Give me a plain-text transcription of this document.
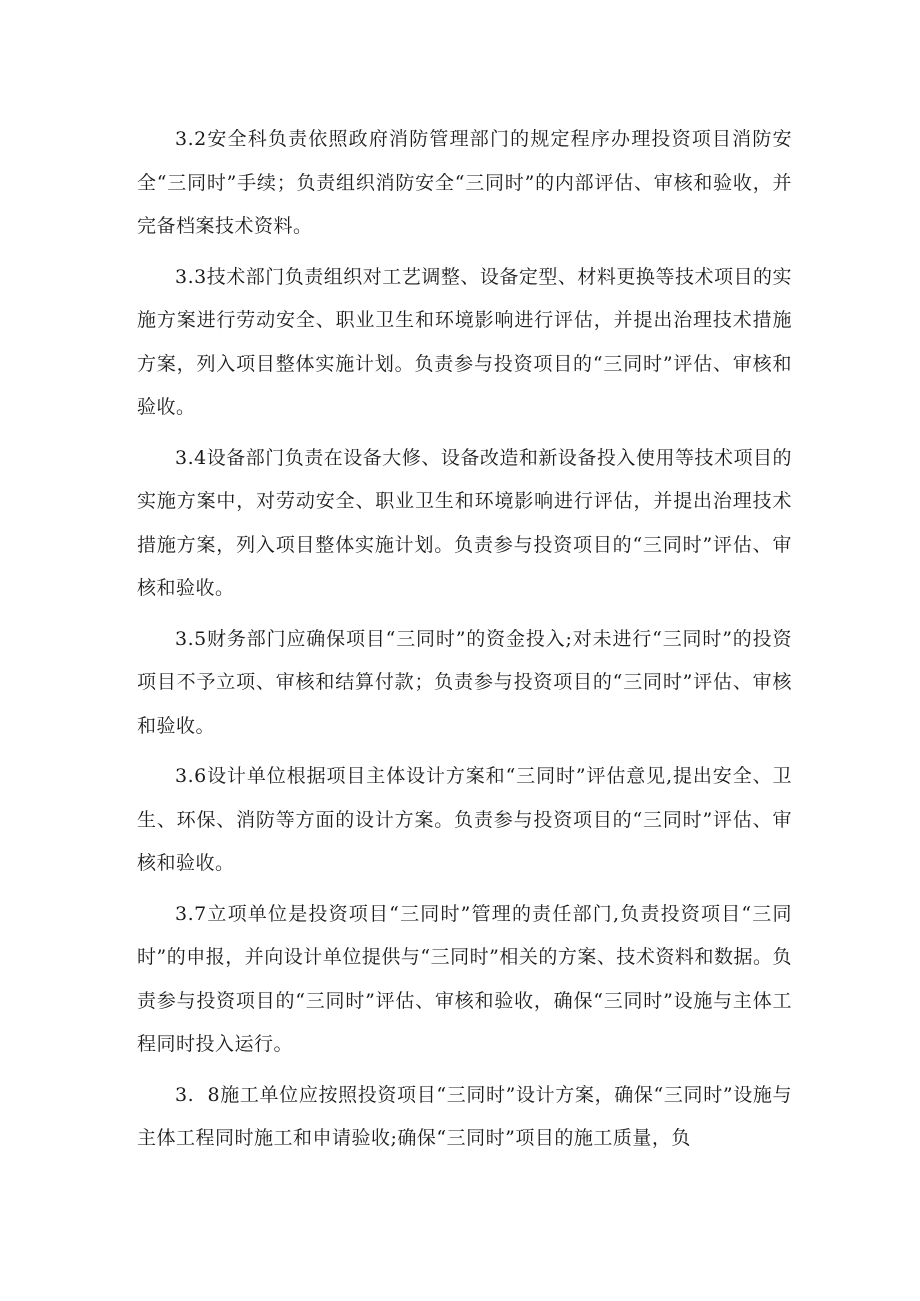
3.2安全科负责依照政府消防管理部门的规定程序办理投资项目消防安全“三同时”手续；负责组织消防安全“三同时”的内部评估、审核和验收，并完备档案技术资料。

3.3技术部门负责组织对工艺调整、设备定型、材料更换等技术项目的实施方案进行劳动安全、职业卫生和环境影响进行评估，并提出治理技术措施方案，列入项目整体实施计划。负责参与投资项目的“三同时”评估、审核和验收。

3.4设备部门负责在设备大修、设备改造和新设备投入使用等技术项目的实施方案中，对劳动安全、职业卫生和环境影响进行评估，并提出治理技术措施方案，列入项目整体实施计划。负责参与投资项目的“三同时”评估、审核和验收。

3.5财务部门应确保项目“三同时”的资金投入;对未进行“三同时”的投资项目不予立项、审核和结算付款；负责参与投资项目的“三同时”评估、审核和验收。

3.6设计单位根据项目主体设计方案和“三同时”评估意见,提出安全、卫生、环保、消防等方面的设计方案。负责参与投资项目的“三同时”评估、审核和验收。

3.7立项单位是投资项目“三同时”管理的责任部门,负责投资项目“三同时”的申报，并向设计单位提供与“三同时”相关的方案、技术资料和数据。负责参与投资项目的“三同时”评估、审核和验收，确保“三同时”设施与主体工程同时投入运行。

3.  8施工单位应按照投资项目“三同时”设计方案，确保“三同时”设施与主体工程同时施工和申请验收;确保“三同时”项目的施工质量，负
